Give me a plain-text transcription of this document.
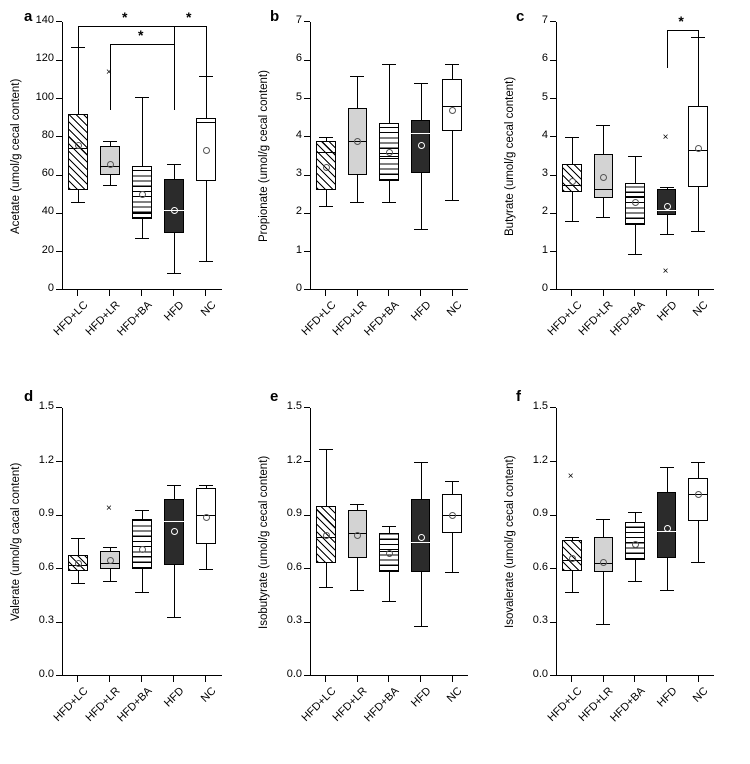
a
Acetate (umol/g cecal content)
0
20
40
60
80
100
120
140
HFD+LC
HFD+LR
HFD+BA HFD	NC
×
*
*
*	b
Propionate (umol/g cecal content)
0
1
2
3
4
5
6
7
HFD+LC
HFD+LR
HFD+BA HFD	NC
c
Butyrate (umol/g cecal content)
0
1
2
3
4
5
6
7
HFD+LC
HFD+LR
HFD+BA HFD	NC
×
×
*
d
Valerate (umol/g cacal content)
0.0
0.3
0.6
0.9
1.2
1.5
HFD+LC
HFD+LR
HFD+BA HFD	NC
×
e
Isobutyrate (umol/g cecal content)
0.0
0.3
0.6
0.9
1.2
1.5
HFD+LC
HFD+LR
HFD+BA HFD	NC
f
Isovalerate (umol/g cecal content)
0.0
0.3
0.6
0.9
1.2
1.5
HFD+LC
HFD+LR
HFD+BA HFD	NC
×
